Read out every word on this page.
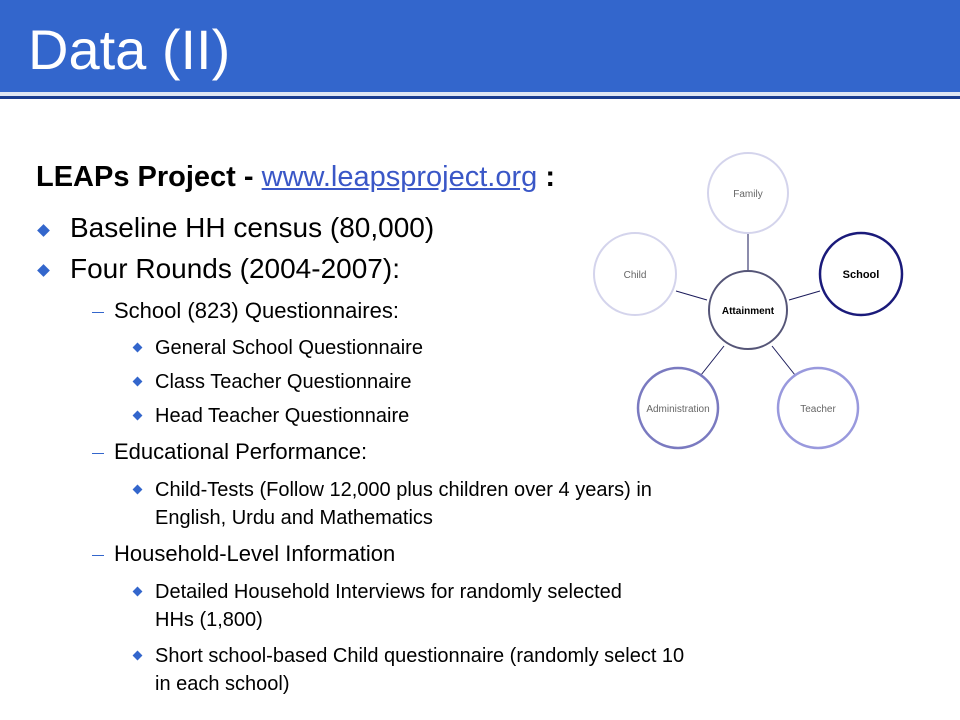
Data (II)
LEAPs Project - www.leapsproject.org :
Baseline HH census (80,000)
Four Rounds (2004-2007):
School (823) Questionnaires:
General School Questionnaire
Class Teacher Questionnaire
Head Teacher Questionnaire
Educational Performance:
Child-Tests (Follow 12,000 plus children over 4 years) in English, Urdu and Mathematics
Household-Level Information
Detailed Household Interviews for randomly selected HHs (1,800)
Short school-based Child questionnaire (randomly select 10 in each school)
Family
School
Teacher
Administration
Child
Attainment
